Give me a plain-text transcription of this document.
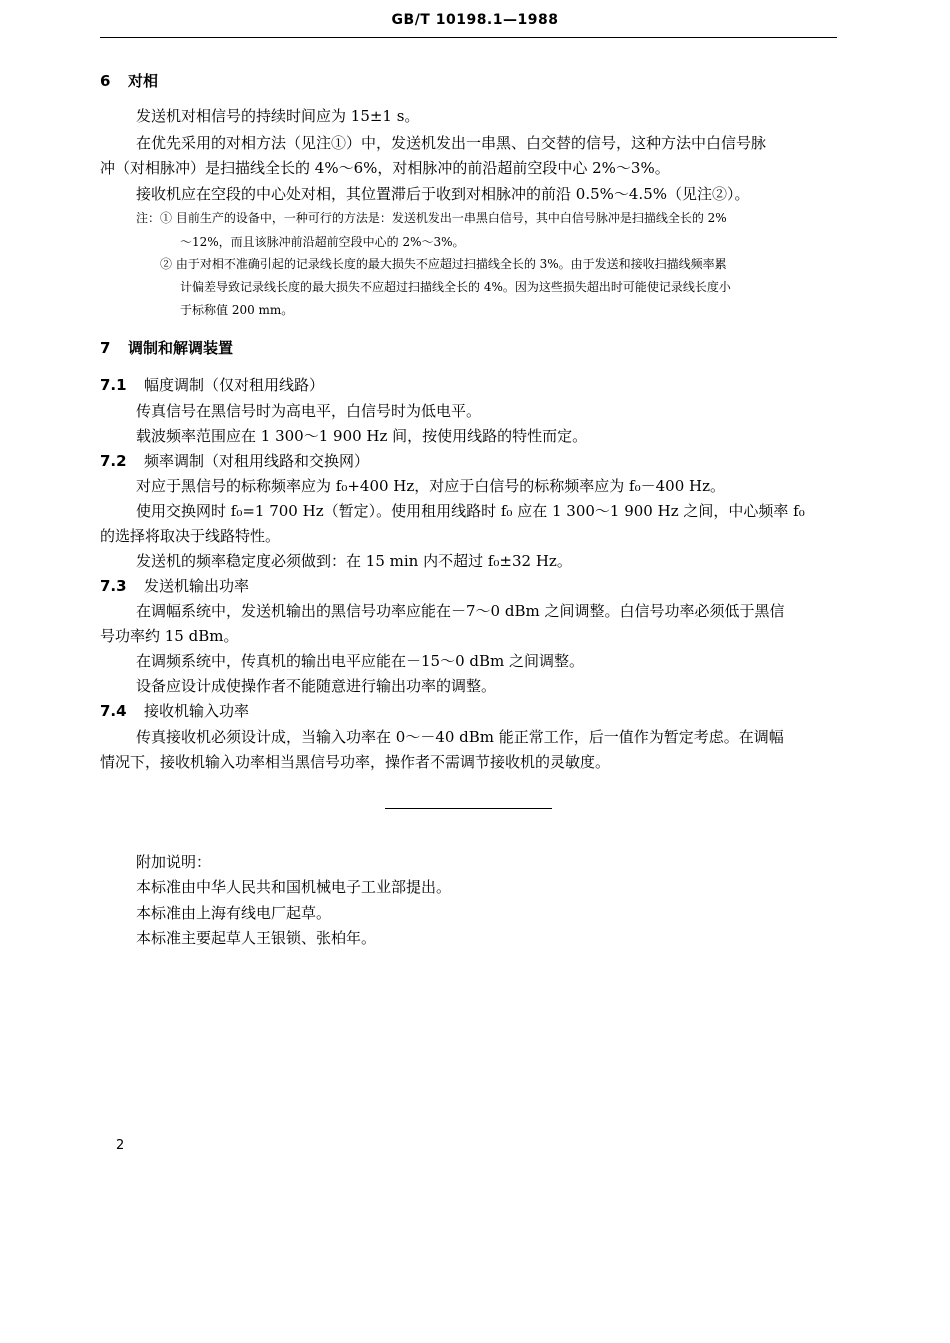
GB/T 10198.1—1988
6 对相
发送机对相信号的持续时间应为 15±1 s。
在优先采用的对相方法（见注①）中，发送机发出一串黑、白交替的信号，这种方法中白信号脉
冲（对相脉冲）是扫描线全长的 4%～6%，对相脉冲的前沿超前空段中心 2%～3%。
接收机应在空段的中心处对相，其位置滞后于收到对相脉冲的前沿 0.5%～4.5%（见注②）。
注： ① 目前生产的设备中，一种可行的方法是：发送机发出一串黑白信号，其中白信号脉冲是扫描线全长的 2%
～12%，而且该脉冲前沿超前空段中心的 2%～3%。
② 由于对相不准确引起的记录线长度的最大损失不应超过扫描线全长的 3%。由于发送和接收扫描线频率累
计偏差导致记录线长度的最大损失不应超过扫描线全长的 4%。因为这些损失超出时可能使记录线长度小
于标称值 200 mm。
7 调制和解调装置
7.1 幅度调制（仅对租用线路）
传真信号在黑信号时为高电平，白信号时为低电平。
载波频率范围应在 1 300～1 900 Hz 间，按使用线路的特性而定。
7.2 频率调制（对租用线路和交换网）
对应于黑信号的标称频率应为 f₀+400 Hz，对应于白信号的标称频率应为 f₀－400 Hz。
使用交换网时 f₀=1 700 Hz（暂定）。使用租用线路时 f₀ 应在 1 300～1 900 Hz 之间，中心频率 f₀
的选择将取决于线路特性。
发送机的频率稳定度必须做到：在 15 min 内不超过 f₀±32 Hz。
7.3 发送机输出功率
在调幅系统中，发送机输出的黑信号功率应能在－7～0 dBm 之间调整。白信号功率必须低于黑信
号功率约 15 dBm。
在调频系统中，传真机的输出电平应能在－15～0 dBm 之间调整。
设备应设计成使操作者不能随意进行输出功率的调整。
7.4 接收机输入功率
传真接收机必须设计成，当输入功率在 0～－40 dBm 能正常工作，后一值作为暂定考虑。在调幅
情况下，接收机输入功率相当黑信号功率，操作者不需调节接收机的灵敏度。
附加说明：
本标准由中华人民共和国机械电子工业部提出。
本标准由上海有线电厂起草。
本标准主要起草人王银锁、张柏年。
2
